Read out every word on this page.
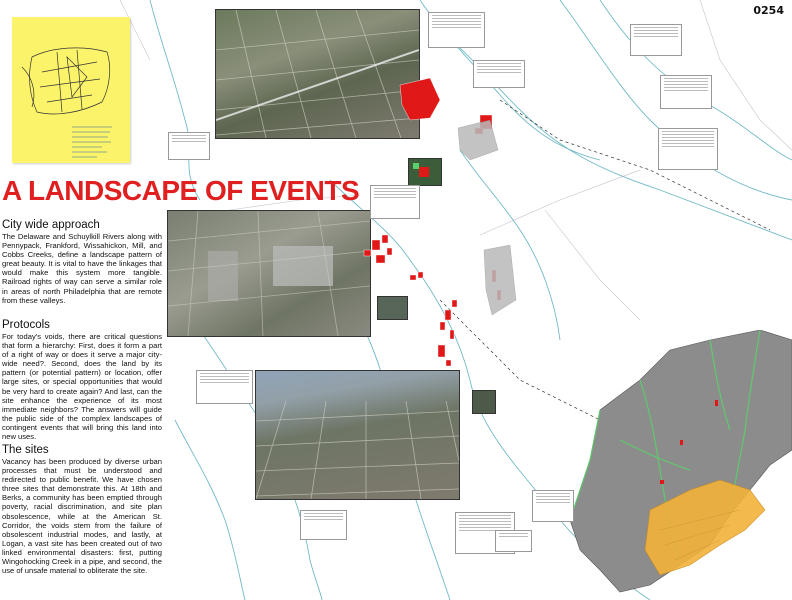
0254
A LANDSCAPE OF EVENTS
City wide approach

The Delaware and Schuylkill Rivers along with Pennypack, Frankford, Wissahickon, Mill, and Cobbs Creeks, define a landscape pattern of great beauty. It is vital to have the linkages that would make this system more tangible. Railroad rights of way can serve a similar role in areas of north Philadelphia that are remote from these valleys.

Protocols

For today's voids, there are critical questions that form a hierarchy: First, does it form a part of a right of way or does it serve a major city-wide need?. Second, does the land by its pattern (or potential pattern) or location, offer large sites, or special opportunities that would be very hard to create again? And last, can the site enhance the experience of its most immediate neighbors? The answers will guide the public side of the complex landscapes of contingent events that will bring this land into new uses.

The sites

Vacancy has been produced by diverse urban processes that must be understood and redirected to public benefit. We have chosen three sites that demonstrate this. At 18th and Berks, a community has been emptied through poverty, racial discrimination, and site plan obsolescence, while at the American St. Corridor, the voids stem from the failure of obsolescent industrial modes, and lastly, at Logan, a vast site has been created out of two linked environmental disasters: first, putting Wingohocking Creek in a pipe, and second, the use of unsafe material to obliterate the site.
